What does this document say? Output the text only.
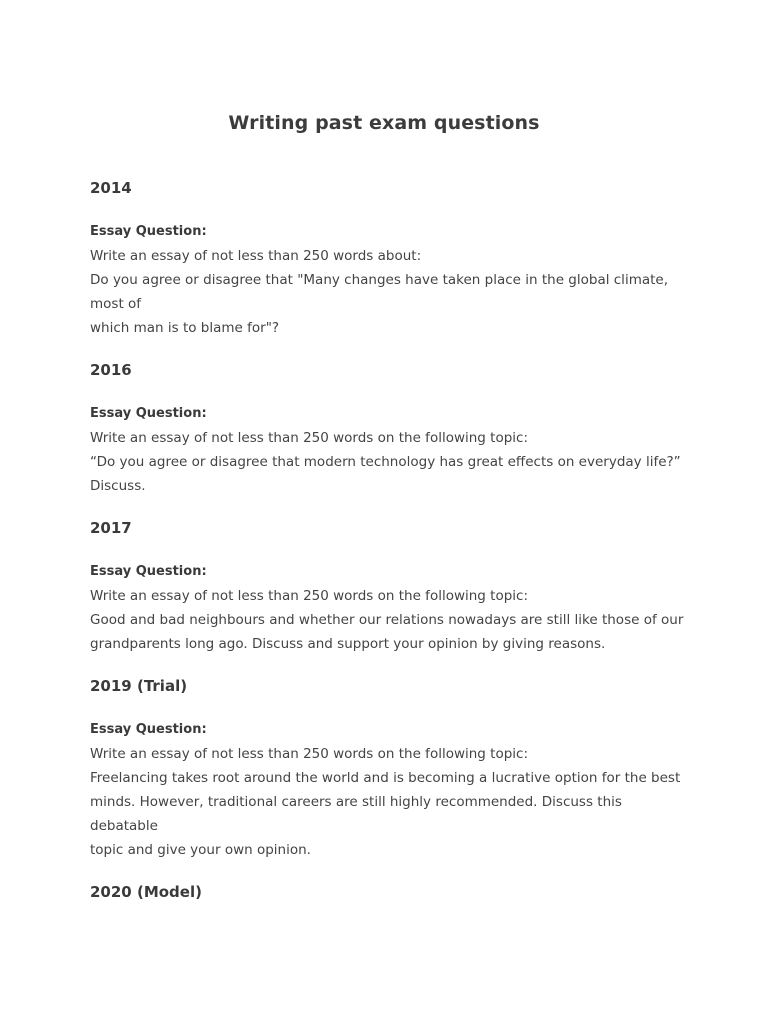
Writing past exam questions
2014
Essay Question:
Write an essay of not less than 250 words about:
Do you agree or disagree that "Many changes have taken place in the global climate, most of
which man is to blame for"?
2016
Essay Question:
Write an essay of not less than 250 words on the following topic:
“Do you agree or disagree that modern technology has great effects on everyday life?”
Discuss.
2017
Essay Question:
Write an essay of not less than 250 words on the following topic:
Good and bad neighbours and whether our relations nowadays are still like those of our
grandparents long ago. Discuss and support your opinion by giving reasons.
2019 (Trial)
Essay Question:
Write an essay of not less than 250 words on the following topic:
Freelancing takes root around the world and is becoming a lucrative option for the best
minds. However, traditional careers are still highly recommended. Discuss this debatable
topic and give your own opinion.
2020 (Model)
